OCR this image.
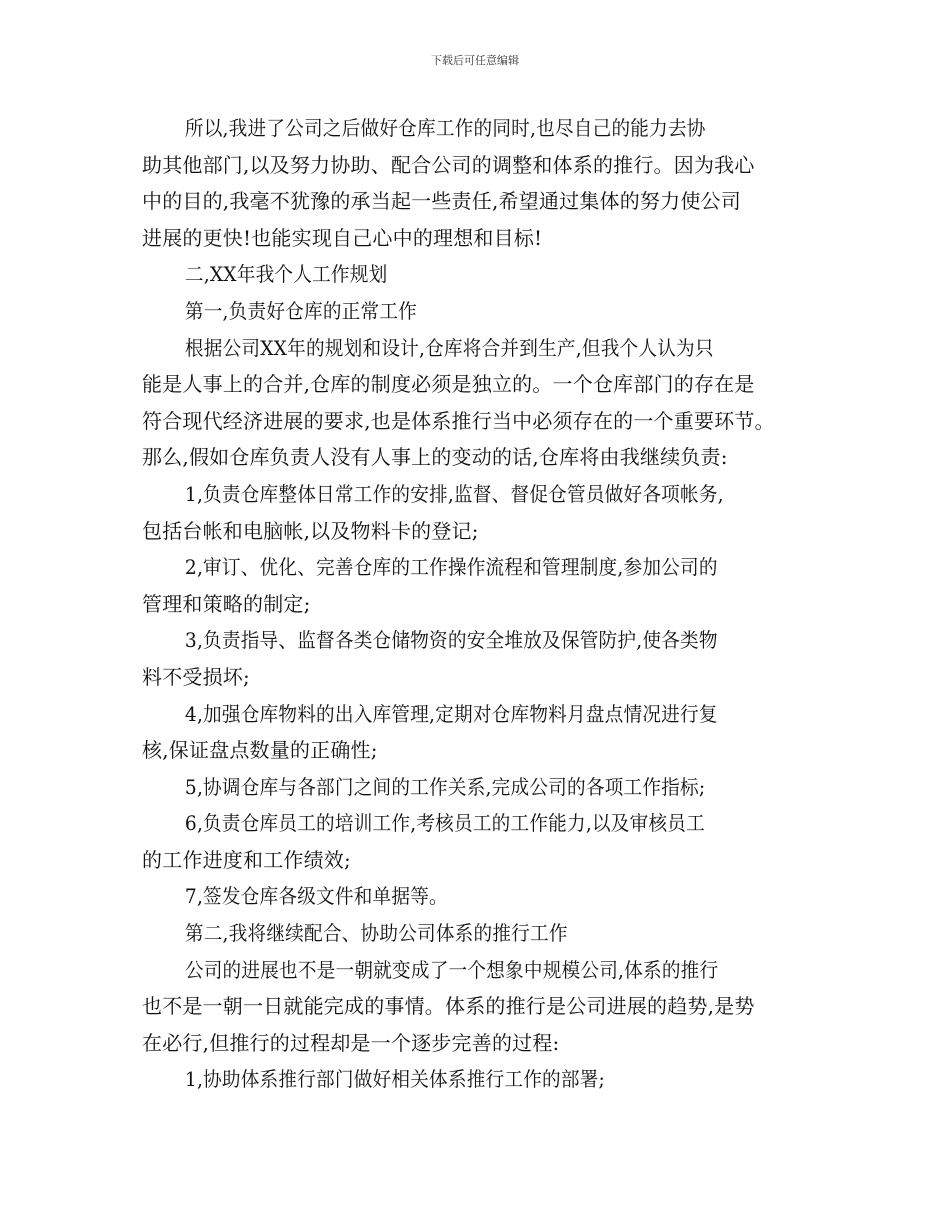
下载后可任意编辑
所以,我进了公司之后做好仓库工作的同时,也尽自己的能力去协
助其他部门,以及努力协助、配合公司的调整和体系的推行。因为我心
中的目的,我毫不犹豫的承当起一些责任,希望通过集体的努力使公司
进展的更快!也能实现自己心中的理想和目标!
二,XX年我个人工作规划
第一,负责好仓库的正常工作
根据公司XX年的规划和设计,仓库将合并到生产,但我个人认为只
能是人事上的合并,仓库的制度必须是独立的。一个仓库部门的存在是
符合现代经济进展的要求,也是体系推行当中必须存在的一个重要环节。
那么,假如仓库负责人没有人事上的变动的话,仓库将由我继续负责:
1,负责仓库整体日常工作的安排,监督、督促仓管员做好各项帐务,
包括台帐和电脑帐,以及物料卡的登记;
2,审订、优化、完善仓库的工作操作流程和管理制度,参加公司的
管理和策略的制定;
3,负责指导、监督各类仓储物资的安全堆放及保管防护,使各类物
料不受损坏;
4,加强仓库物料的出入库管理,定期对仓库物料月盘点情况进行复
核,保证盘点数量的正确性;
5,协调仓库与各部门之间的工作关系,完成公司的各项工作指标;
6,负责仓库员工的培训工作,考核员工的工作能力,以及审核员工
的工作进度和工作绩效;
7,签发仓库各级文件和单据等。
第二,我将继续配合、协助公司体系的推行工作
公司的进展也不是一朝就变成了一个想象中规模公司,体系的推行
也不是一朝一日就能完成的事情。体系的推行是公司进展的趋势,是势
在必行,但推行的过程却是一个逐步完善的过程:
1,协助体系推行部门做好相关体系推行工作的部署;
